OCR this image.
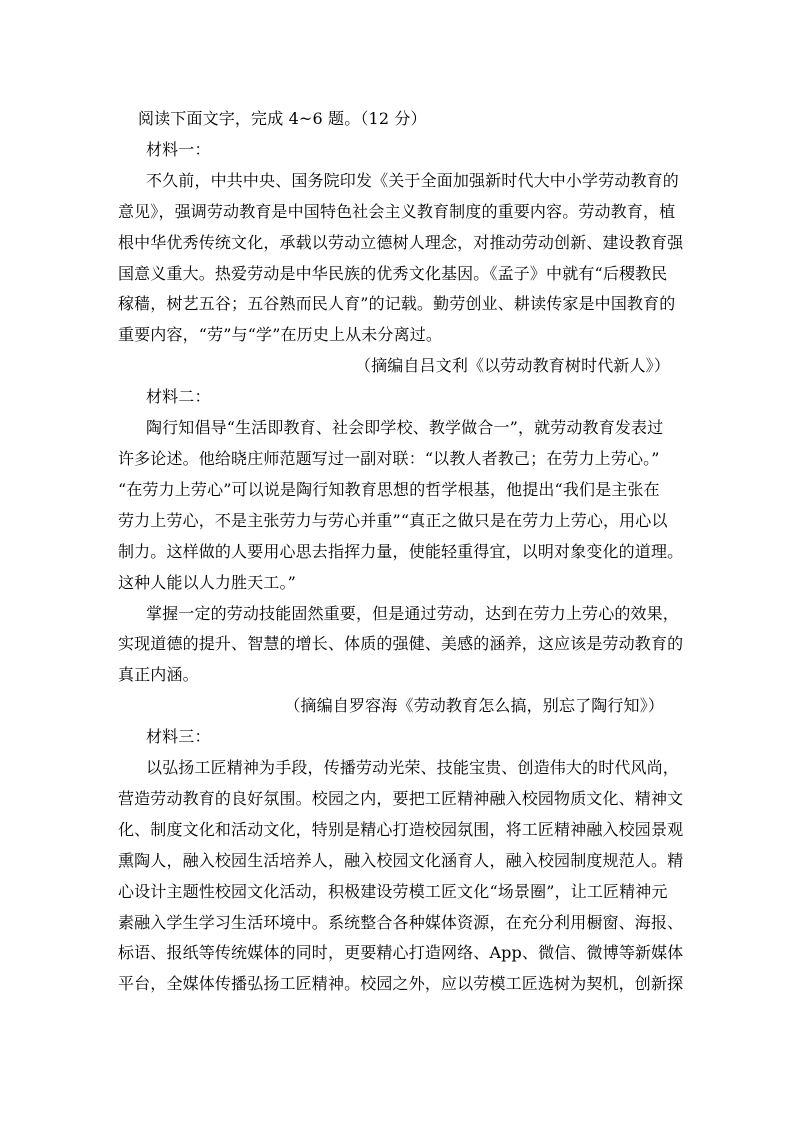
阅读下面文字，完成 4~6 题。（12 分）

材料一：

不久前，中共中央、国务院印发《关于全面加强新时代大中小学劳动教育的

意见》，强调劳动教育是中国特色社会主义教育制度的重要内容。劳动教育，植

根中华优秀传统文化，承载以劳动立德树人理念，对推动劳动创新、建设教育强

国意义重大。热爱劳动是中华民族的优秀文化基因。《孟子》中就有“后稷教民

稼穑，树艺五谷；五谷熟而民人育”的记载。勤劳创业、耕读传家是中国教育的

重要内容，“劳”与“学”在历史上从未分离过。

（摘编自吕文利《以劳动教育树时代新人》）

材料二：

陶行知倡导“生活即教育、社会即学校、教学做合一”，就劳动教育发表过

许多论述。他给晓庄师范题写过一副对联：“以教人者教己；在劳力上劳心。”

“在劳力上劳心”可以说是陶行知教育思想的哲学根基，他提出“我们是主张在

劳力上劳心，不是主张劳力与劳心并重”“真正之做只是在劳力上劳心，用心以

制力。这样做的人要用心思去指挥力量，使能轻重得宜，以明对象变化的道理。

这种人能以人力胜天工。”

掌握一定的劳动技能固然重要，但是通过劳动，达到在劳力上劳心的效果，

实现道德的提升、智慧的增长、体质的强健、美感的涵养，这应该是劳动教育的

真正内涵。

（摘编自罗容海《劳动教育怎么搞，别忘了陶行知》）

材料三：

以弘扬工匠精神为手段，传播劳动光荣、技能宝贵、创造伟大的时代风尚，

营造劳动教育的良好氛围。校园之内，要把工匠精神融入校园物质文化、精神文

化、制度文化和活动文化，特别是精心打造校园氛围，将工匠精神融入校园景观

熏陶人，融入校园生活培养人，融入校园文化涵育人，融入校园制度规范人。精

心设计主题性校园文化活动，积极建设劳模工匠文化“场景圈”，让工匠精神元

素融入学生学习生活环境中。系统整合各种媒体资源，在充分利用橱窗、海报、

标语、报纸等传统媒体的同时，更要精心打造网络、App、微信、微博等新媒体

平台，全媒体传播弘扬工匠精神。校园之外，应以劳模工匠选树为契机，创新探
